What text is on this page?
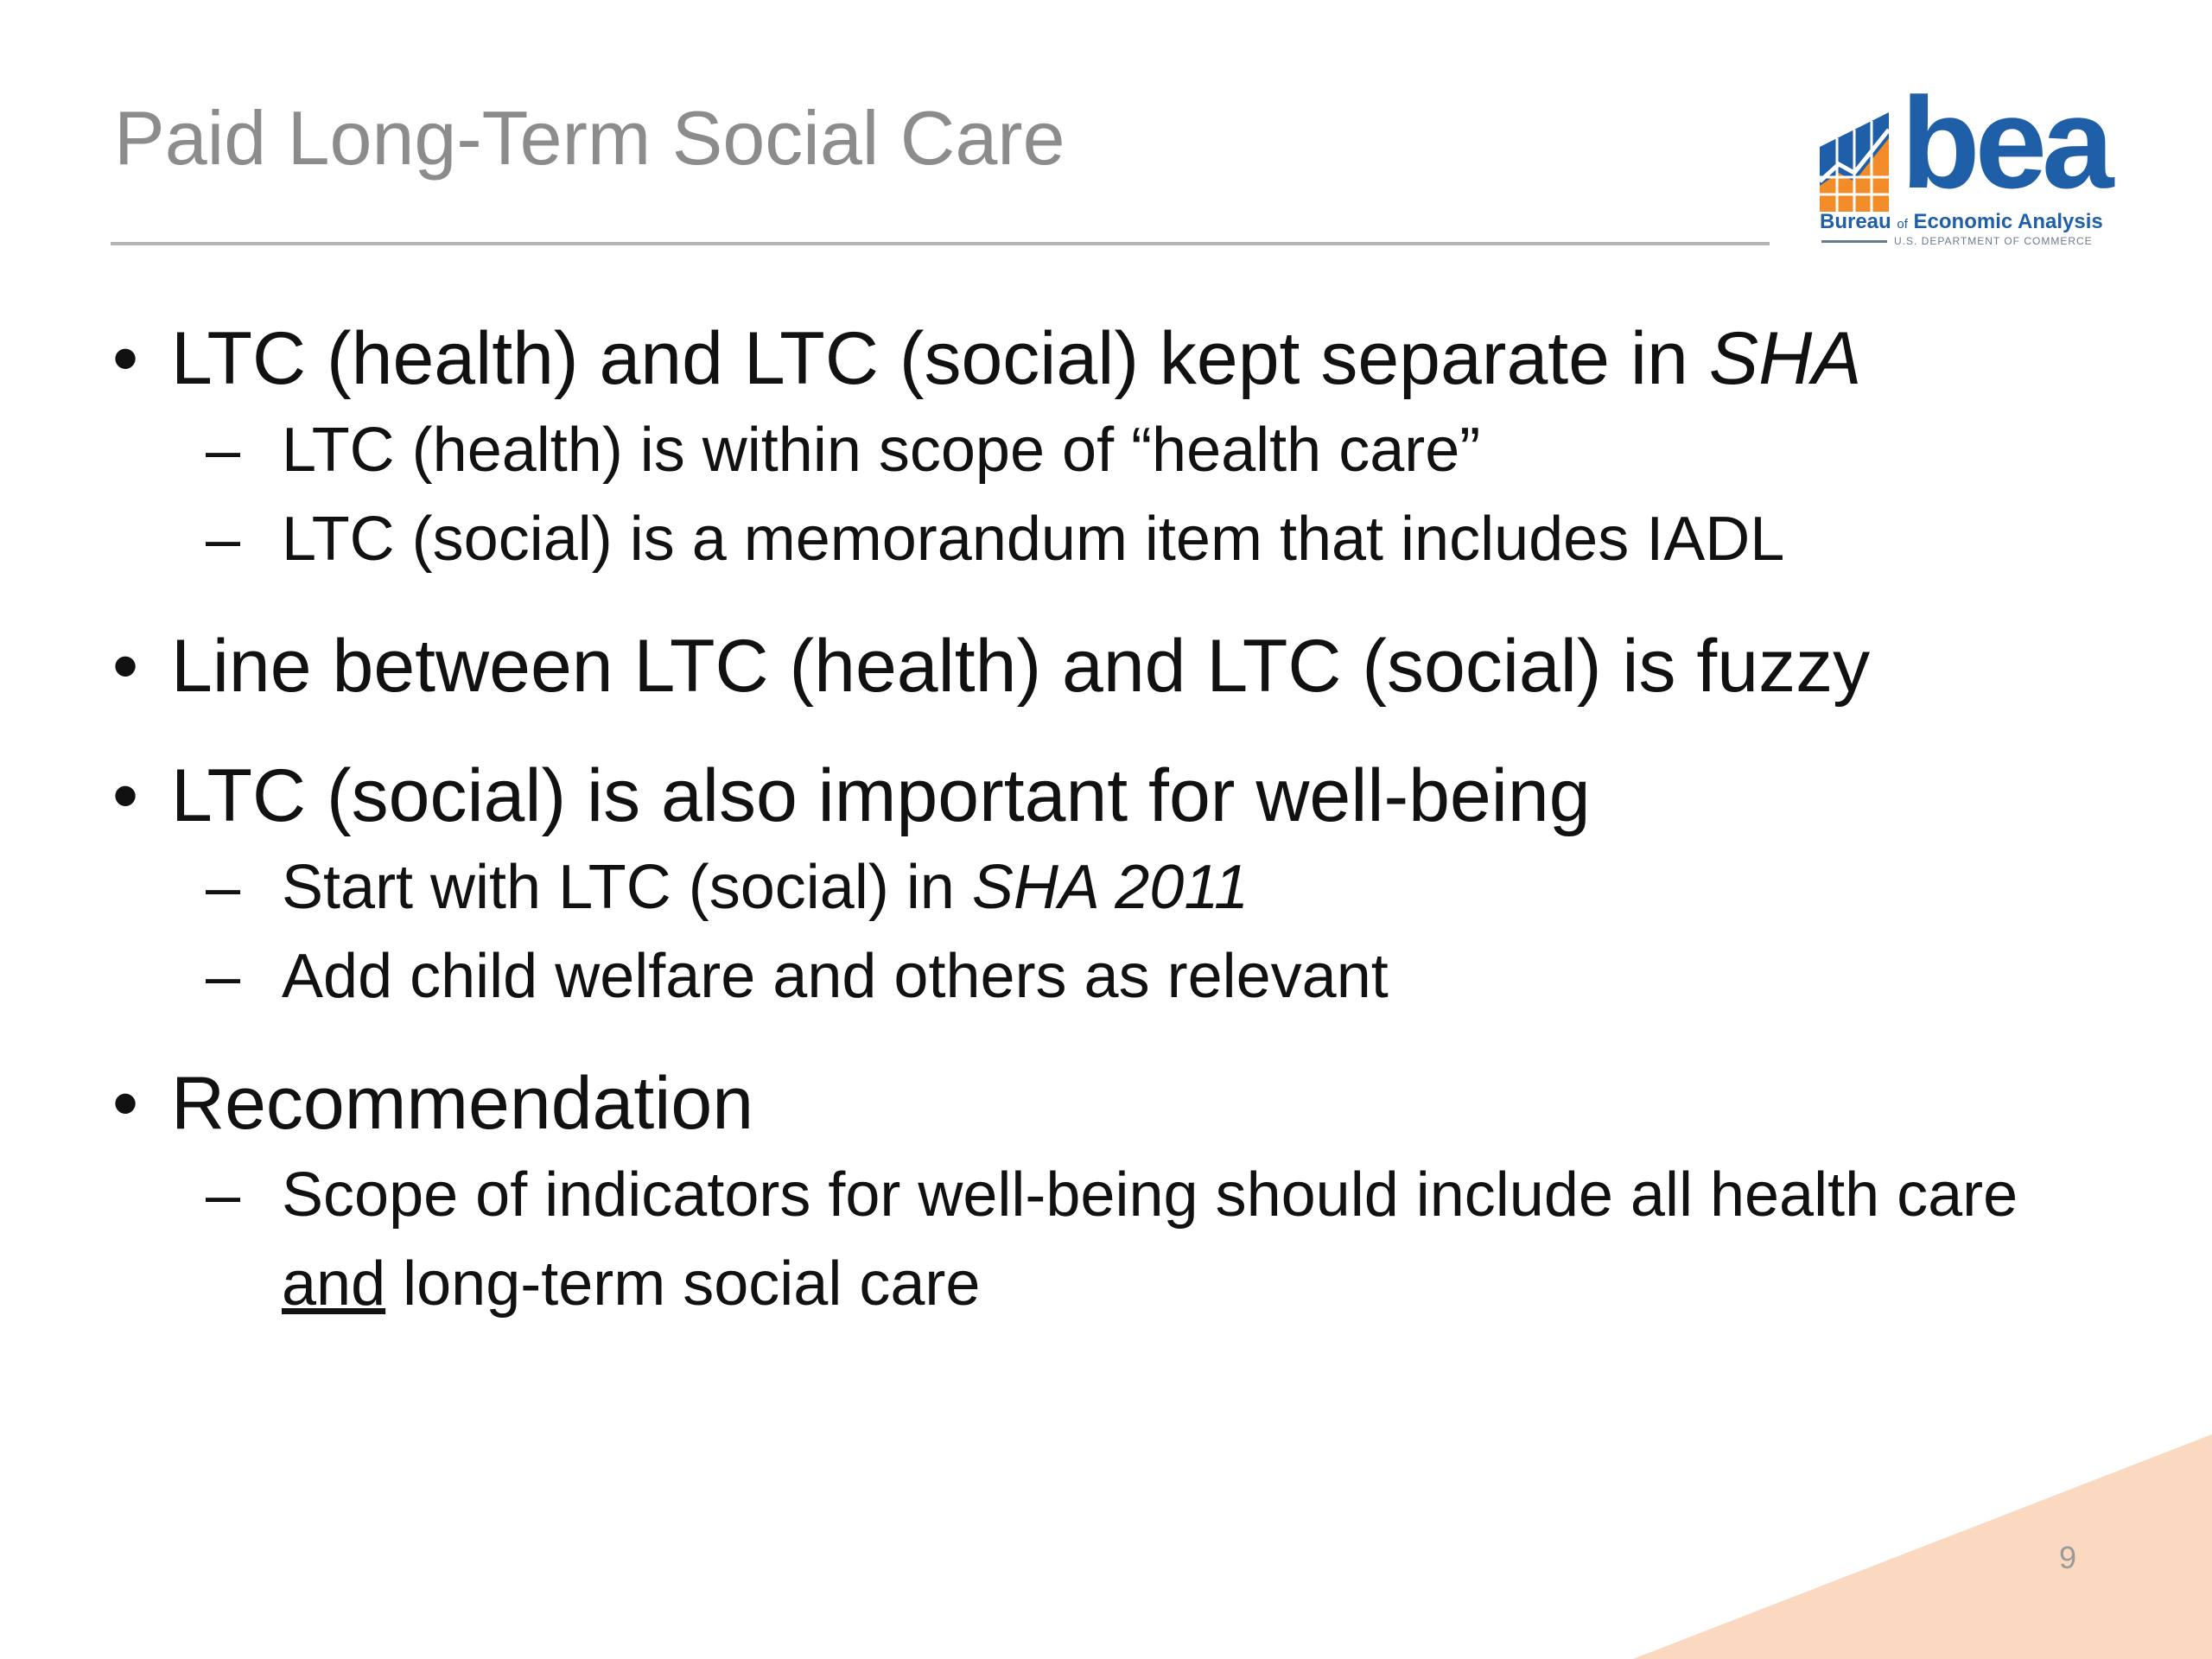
Paid Long-Term Social Care	bea
Bureau of Economic Analysis
U.S. DEPARTMENT OF COMMERCE
• LTC (health) and LTC (social) kept separate in SHA
– LTC (health) is within scope of “health care”
– LTC (social) is a memorandum item that includes IADL
• Line between LTC (health) and LTC (social) is fuzzy
• LTC (social) is also important for well-being
– Start with LTC (social) in SHA 2011
– Add child welfare and others as relevant
• Recommendation
– Scope of indicators for well-being should include all health care and long-term social care
9
